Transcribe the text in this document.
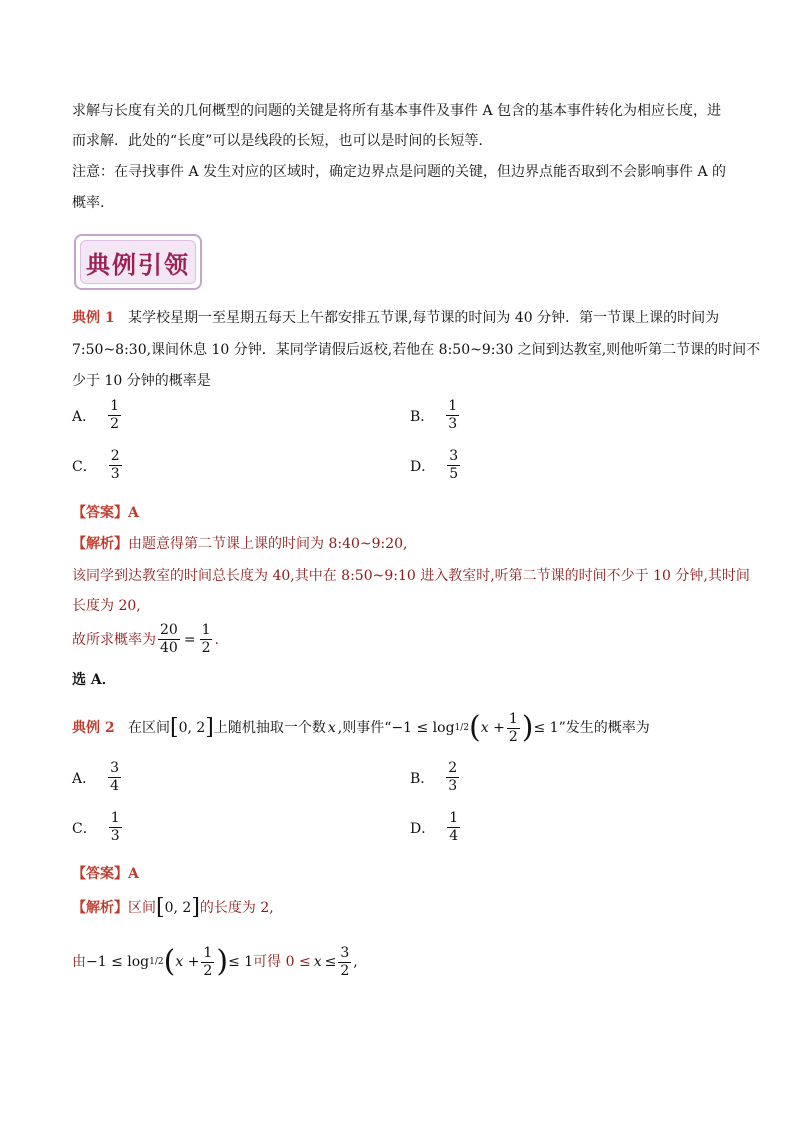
求解与长度有关的几何概型的问题的关键是将所有基本事件及事件 A 包含的基本事件转化为相应长度，进
而求解．此处的“长度”可以是线段的长短，也可以是时间的长短等.
注意：在寻找事件 A 发生对应的区域时，确定边界点是问题的关键，但边界点能否取到不会影响事件 A 的
概率.
典例引领
典例 1 某学校星期一至星期五每天上午都安排五节课,每节课的时间为 40 分钟．第一节课上课的时间为
7:50~8:30,课间休息 10 分钟．某同学请假后返校,若他在 8:50~9:30 之间到达教室,则他听第二节课的时间不
少于 10 分钟的概率是
A． $\frac{1}{2}$	B． $\frac{1}{3}$
C． $\frac{2}{3}$	D． $\frac{3}{5}$
【答案】A
【解析】由题意得第二节课上课的时间为 8:40~9:20,
该同学到达教室的时间总长度为 40,其中在 8:50~9:10 进入教室时,听第二节课的时间不少于 10 分钟,其时间
长度为 20,
故所求概率为 $\frac{20}{40} = \frac{1}{2}$ .
选 A．
典例 2
在区间 [ 0, 2 ] 上随机抽取一个数 x ,则事件“ −1 ≤ log 1/2 ( $x + \frac{1}{2}$ ) ≤ 1 ”发生的概率为
A． $\frac{3}{4}$	B． $\frac{2}{3}$
C． $\frac{1}{3}$	D． $\frac{1}{4}$
【答案】A
【解析】 区间 [ 0, 2 ] 的长度为 2,
由 −1 ≤ log 1/2 ( $x + \frac{1}{2}$ ) ≤ 1 可得 $0 \le x \le \frac{3}{2}$ ,
